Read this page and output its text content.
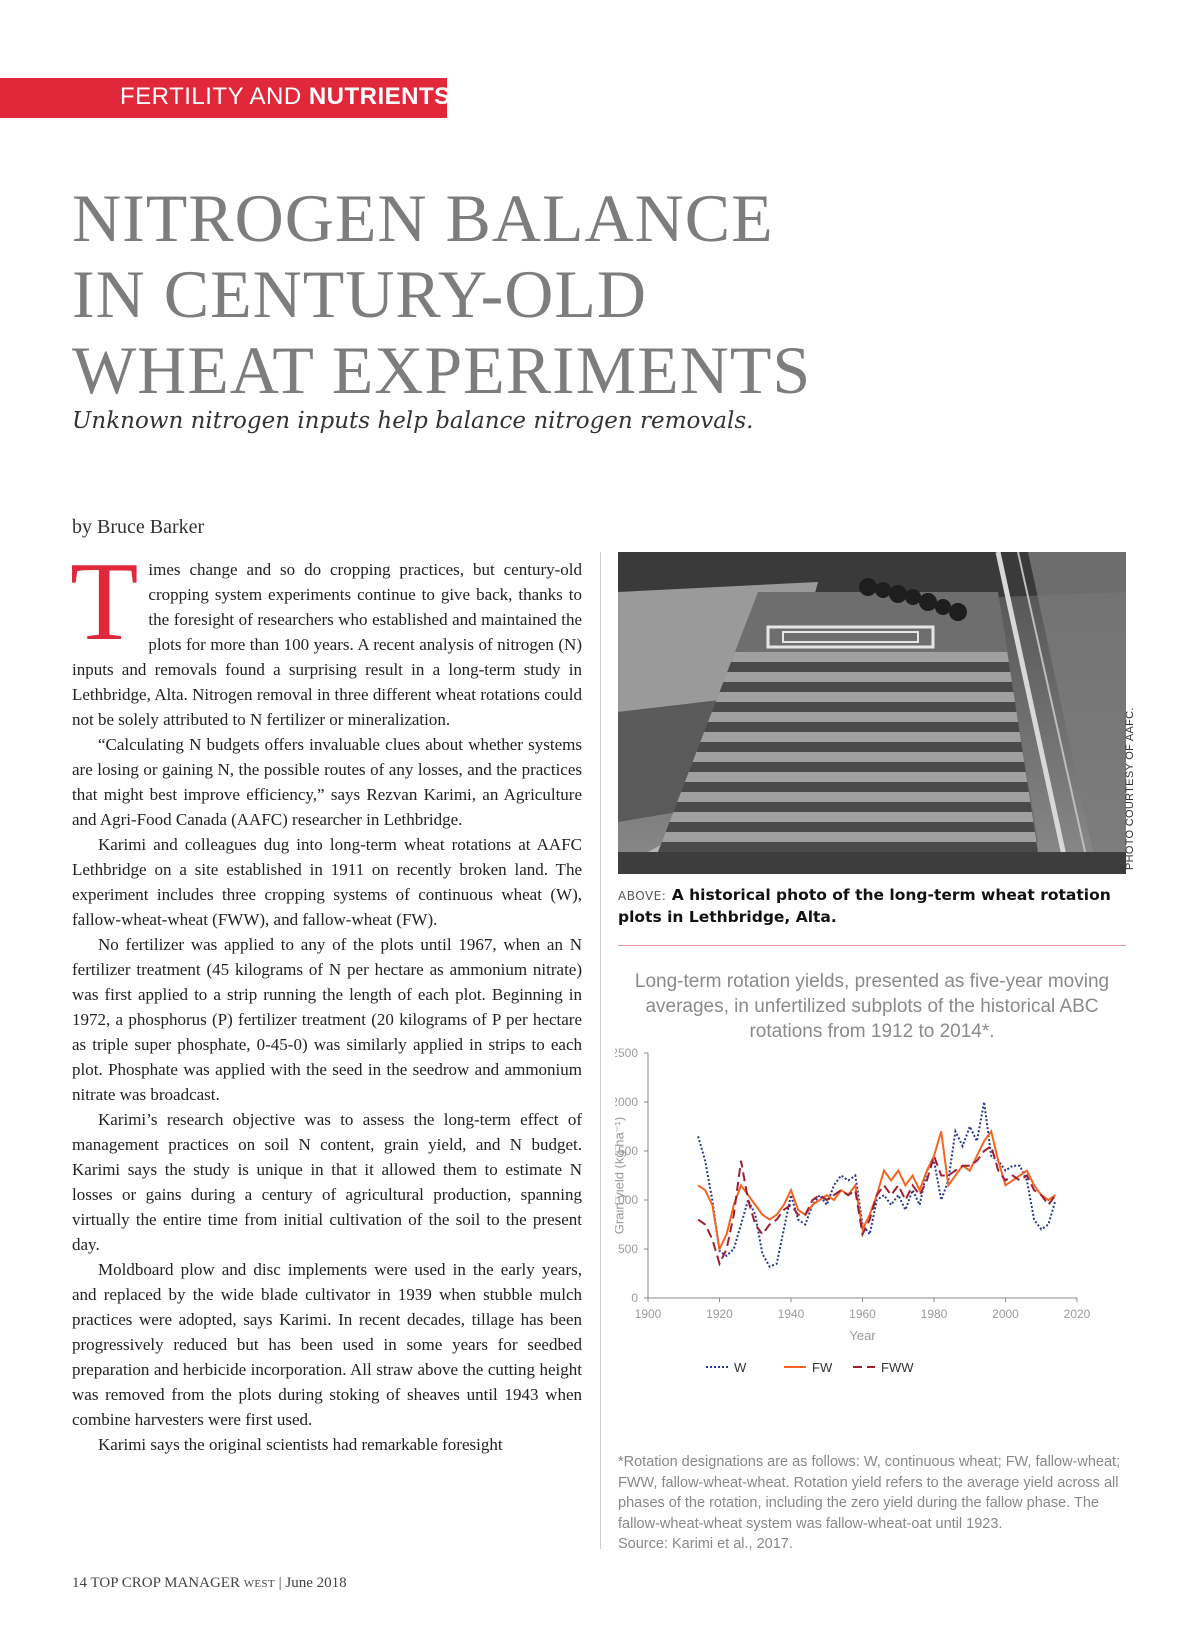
FERTILITY AND NUTRIENTS
NITROGEN BALANCE
IN CENTURY-OLD
WHEAT EXPERIMENTS
Unknown nitrogen inputs help balance nitrogen removals.
by Bruce Barker

Times change and so do cropping practices, but century-old cropping system experiments continue to give back, thanks to the foresight of researchers who established and maintained the plots for more than 100 years. A recent analysis of nitrogen (N) inputs and removals found a surprising result in a long-term study in Lethbridge, Alta. Nitrogen removal in three different wheat rotations could not be solely attributed to N fertilizer or mineralization.

“Calculating N budgets offers invaluable clues about whether systems are losing or gaining N, the possible routes of any losses, and the practices that might best improve efficiency,” says Rezvan Karimi, an Agriculture and Agri-Food Canada (AAFC) researcher in Lethbridge.

Karimi and colleagues dug into long-term wheat rotations at AAFC Lethbridge on a site established in 1911 on recently broken land. The experiment includes three cropping systems of continuous wheat (W), fallow-wheat-wheat (FWW), and fallow-wheat (FW).

No fertilizer was applied to any of the plots until 1967, when an N fertilizer treatment (45 kilograms of N per hectare as ammonium nitrate) was first applied to a strip running the length of each plot. Beginning in 1972, a phosphorus (P) fertilizer treatment (20 kilograms of P per hectare as triple super phosphate, 0-45-0) was similarly applied in strips to each plot. Phosphate was applied with the seed in the seedrow and ammonium nitrate was broadcast.

Karimi’s research objective was to assess the long-term effect of management practices on soil N content, grain yield, and N budget. Karimi says the study is unique in that it allowed them to estimate N losses or gains during a century of agricultural production, spanning virtually the entire time from initial cultivation of the soil to the present day.

Moldboard plow and disc implements were used in the early years, and replaced by the wide blade cultivator in 1939 when stubble mulch practices were adopted, says Karimi. In recent decades, tillage has been progressively reduced but has been used in some years for seedbed preparation and herbicide incorporation. All straw above the cutting height was removed from the plots during stoking of sheaves until 1943 when combine harvesters were first used.

Karimi says the original scientists had remarkable foresight

PHOTO COURTESY OF AAFC.
ABOVE: A historical photo of the long-term wheat rotation plots in Lethbridge, Alta.
Long-term rotation yields, presented as five-year moving averages, in unfertilized subplots of the historical ABC rotations from 1912 to 2014*.
0
500
000
500
000
500
1900	1920	1940	1960	1980	2000	2020
Year
Grain yield (kg ha⁻¹)
W	FW	FWW
*Rotation designations are as follows: W, continuous wheat; FW, fallow-wheat; FWW, fallow-wheat-wheat. Rotation yield refers to the average yield across all phases of the rotation, including the zero yield during the fallow phase. The fallow-wheat-wheat system was fallow-wheat-oat until 1923.
Source: Karimi et al., 2017.
14 TOP CROP MANAGER WEST | June 2018
